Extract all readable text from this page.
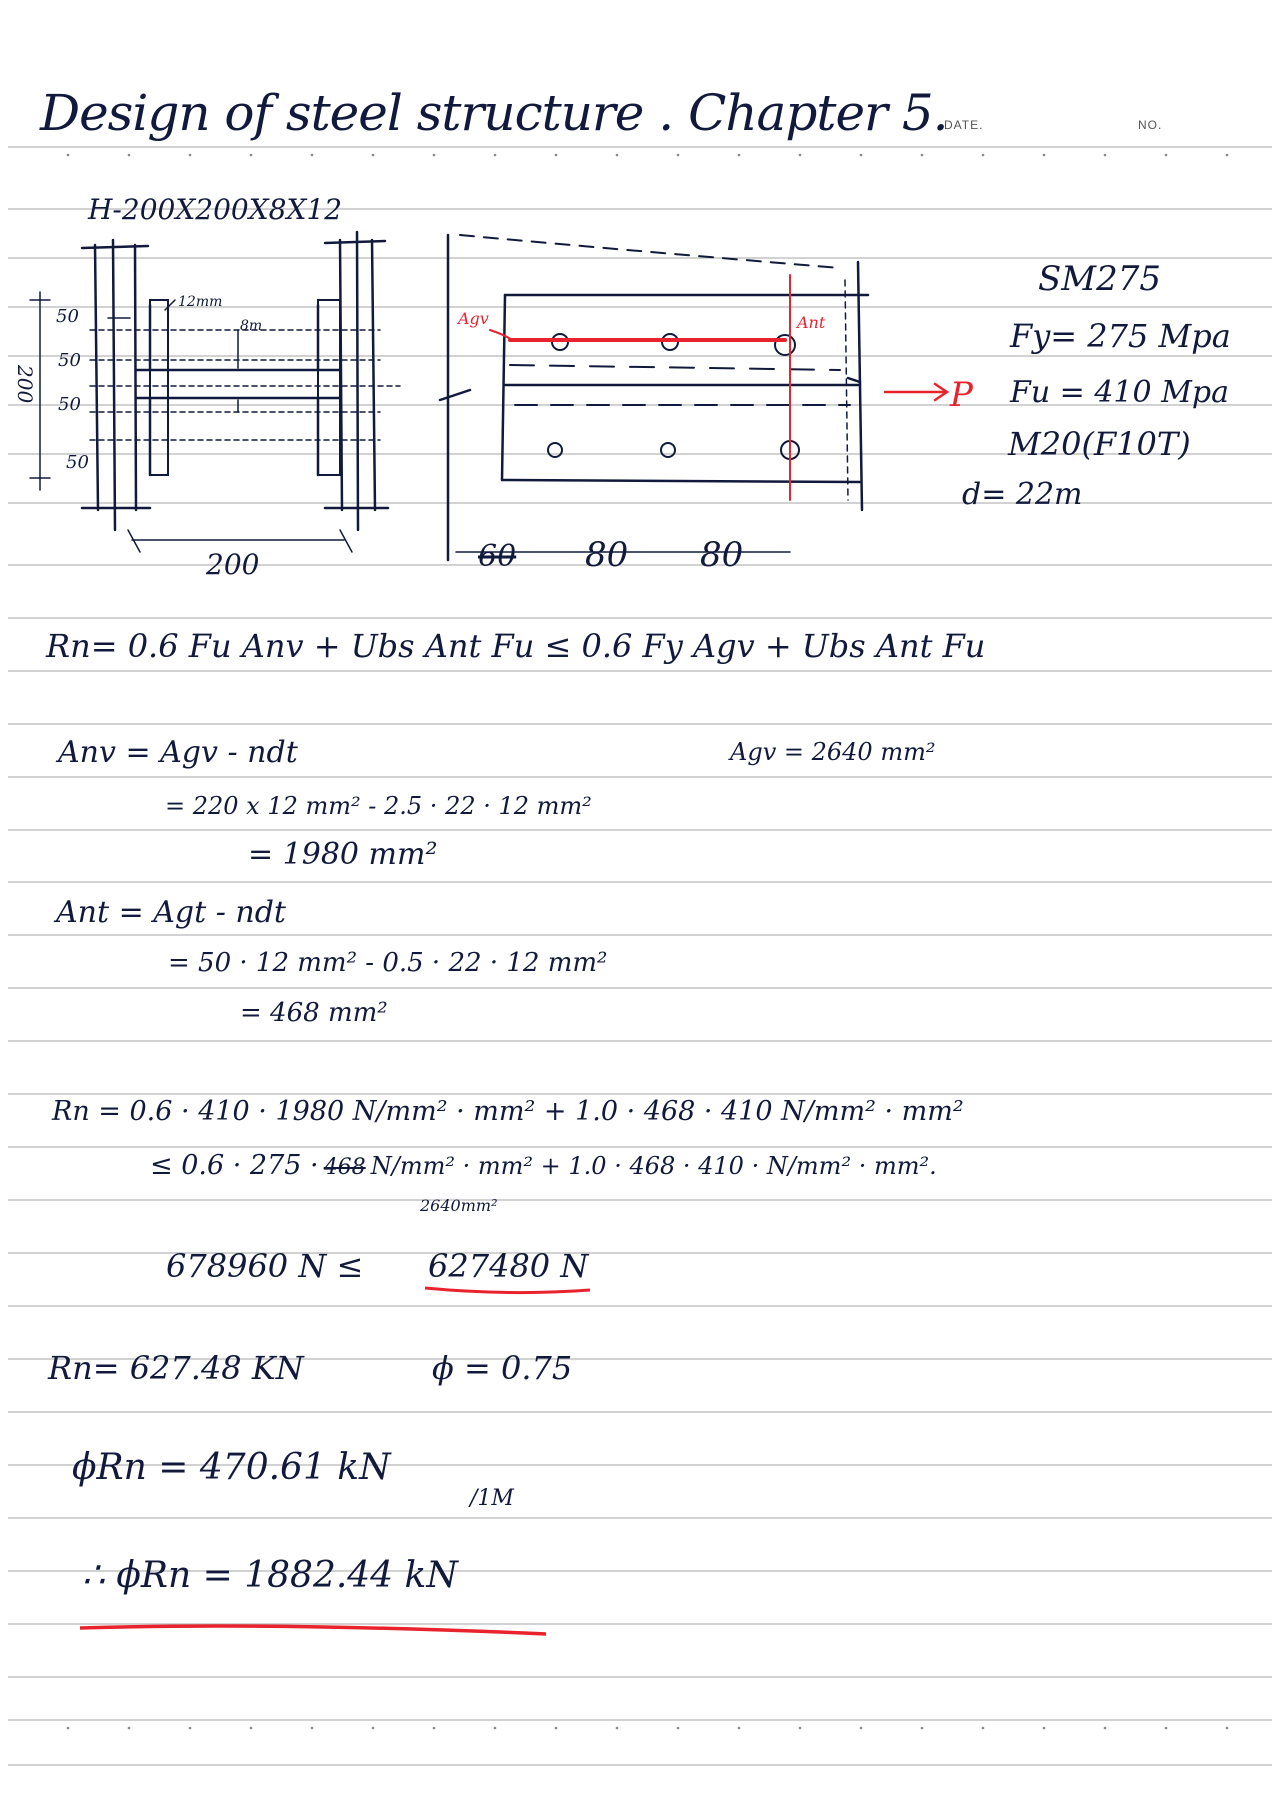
Design of steel structure . Chapter 5.
DATE.	NO.
H-200X200X8X12
200
50
50
50
50
12mm
8m
200
Agv	Ant
P
60 80 80
SM275
Fy= 275 Mpa
Fu = 410 Mpa
M20(F10T)
d= 22m
Rn= 0.6 Fu Anv + Ubs Ant Fu ≤ 0.6 Fy Agv + Ubs Ant Fu
Anv = Agv - ndt	Agv = 2640 mm²
= 220 x 12 mm² - 2.5 · 22 · 12 mm²
= 1980 mm²
Ant = Agt - ndt
= 50 · 12 mm² - 0.5 · 22 · 12 mm²
= 468 mm²
Rn = 0.6 · 410 · 1980 N/mm² · mm² + 1.0 · 468 · 410 N/mm² · mm²
≤ 0.6 · 275 · 468 N/mm² · mm² + 1.0 · 468 · 410 · N/mm² · mm².
2640mm²
678960 N ≤ 627480 N
Rn= 627.48 KN	ϕ = 0.75
ϕRn = 470.61 kN
/1M
∴ ϕRn = 1882.44 kN
